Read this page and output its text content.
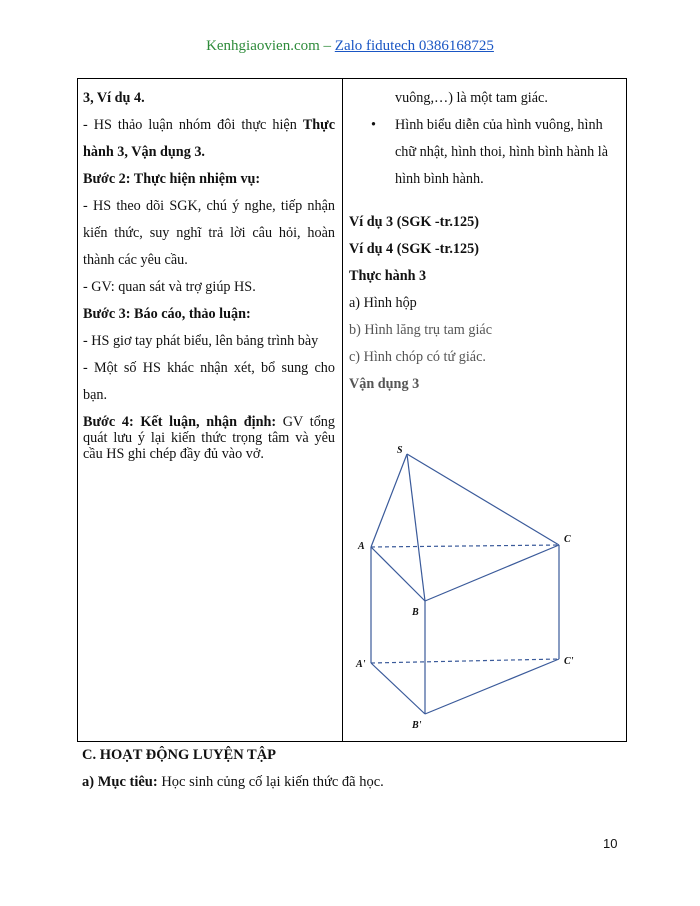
Kenhgiaovien.com – Zalo fidutech 0386168725

3, Ví dụ 4.

- HS thảo luận nhóm đôi thực hiện Thực hành 3, Vận dụng 3.

Bước 2: Thực hiện nhiệm vụ:

- HS theo dõi SGK, chú ý nghe, tiếp nhận kiến thức, suy nghĩ trả lời câu hỏi, hoàn thành các yêu cầu.

- GV: quan sát và trợ giúp HS.

Bước 3: Báo cáo, thảo luận:

- HS giơ tay phát biểu, lên bảng trình bày

- Một số HS khác nhận xét, bổ sung cho bạn.

Bước 4: Kết luận, nhận định: GV tổng quát lưu ý lại kiến thức trọng tâm và yêu cầu HS ghi chép đầy đủ vào vở.

vuông,…) là một tam giác.

• Hình biểu diễn của hình vuông, hình chữ nhật, hình thoi, hình bình hành là hình bình hành.

Ví dụ 3 (SGK -tr.125)

Ví dụ 4 (SGK -tr.125)

Thực hành 3

a) Hình hộp

b) Hình lăng trụ tam giác

c) Hình chóp có tứ giác.

Vận dụng 3

S
A
B
C
A'
B'
C'
C. HOẠT ĐỘNG LUYỆN TẬP
a) Mục tiêu: Học sinh củng cố lại kiến thức đã học.
10
